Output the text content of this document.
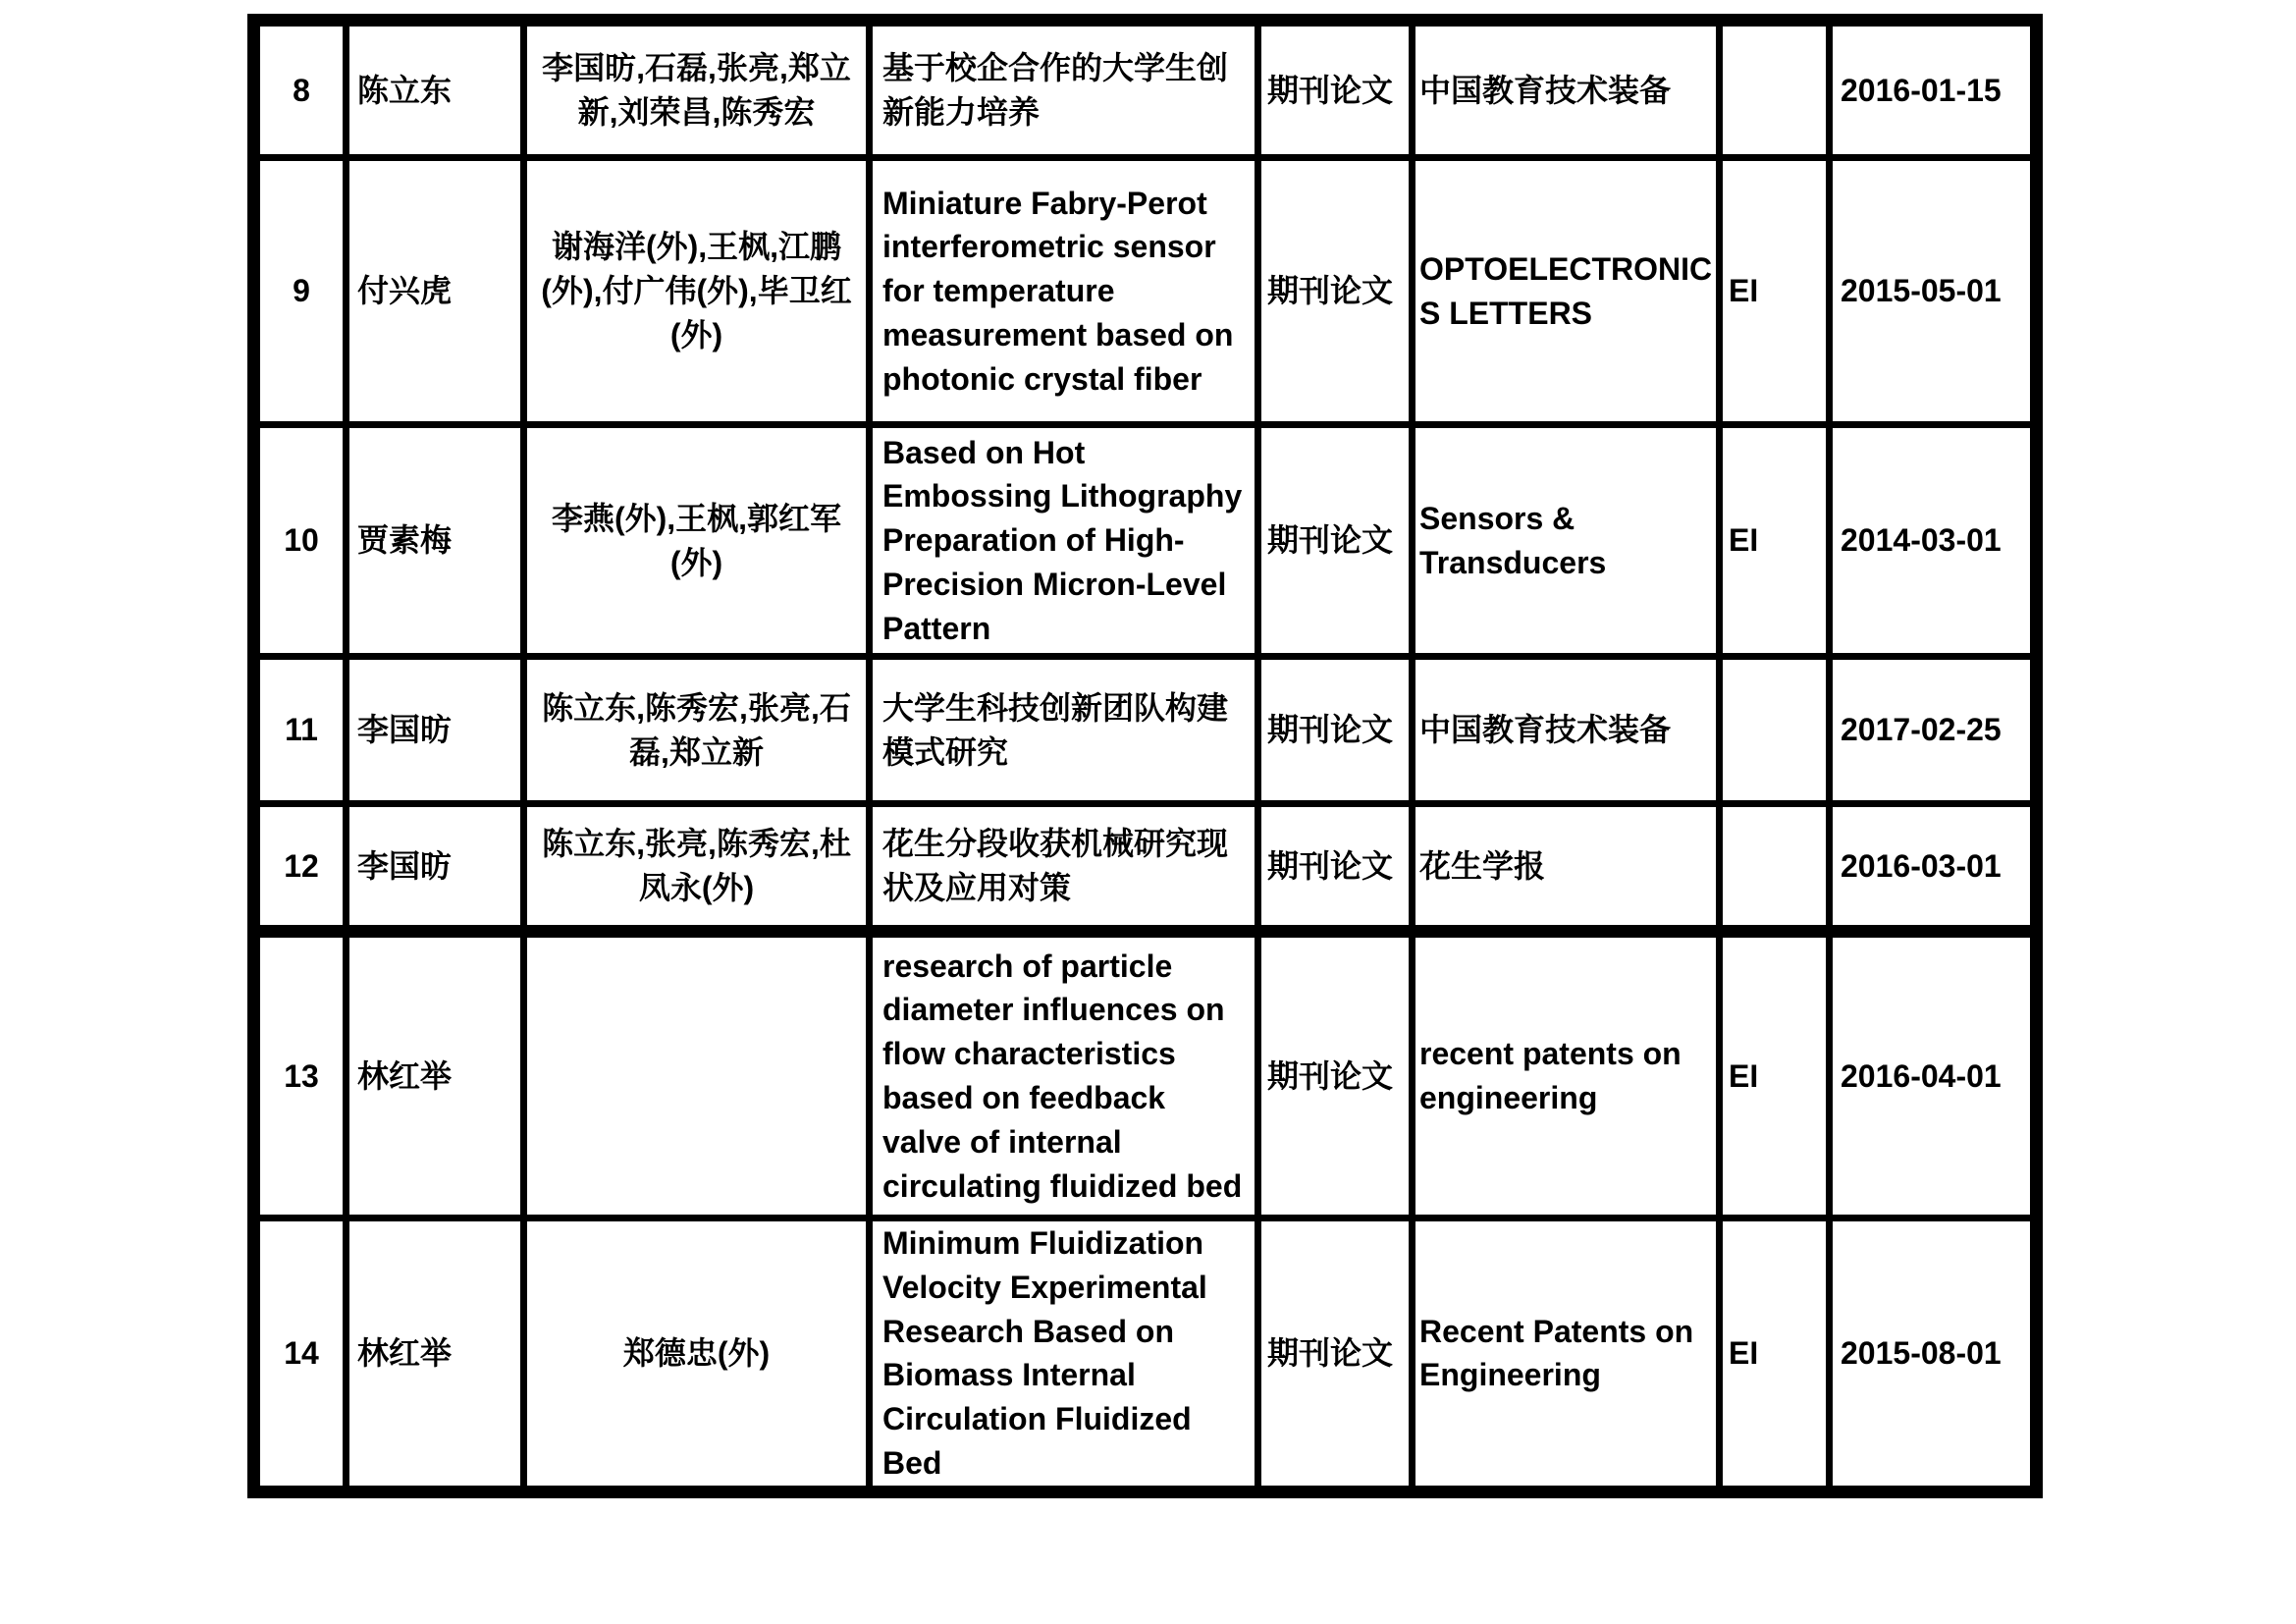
8	陈立东	李国昉,石磊,张亮,郑立新,刘荣昌,陈秀宏	基于校企合作的大学生创新能力培养	期刊论文	中国教育技术装备		2016-01-15
9	付兴虎	谢海洋(外),王枫,江鹏(外),付广伟(外),毕卫红(外)	Miniature Fabry-Perot interferometric sensor for temperature measurement based on photonic crystal fiber	期刊论文	OPTOELECTRONICS LETTERS	EI	2015-05-01
10	贾素梅	李燕(外),王枫,郭红军(外)	Based on Hot Embossing Lithography Preparation of High-Precision Micron-Level Pattern	期刊论文	Sensors & Transducers	EI	2014-03-01
11	李国昉	陈立东,陈秀宏,张亮,石磊,郑立新	大学生科技创新团队构建模式研究	期刊论文	中国教育技术装备		2017-02-25
12	李国昉	陈立东,张亮,陈秀宏,杜凤永(外)	花生分段收获机械研究现状及应用对策	期刊论文	花生学报		2016-03-01
13	林红举		research of particle diameter influences on flow characteristics based on feedback valve of internal circulating fluidized bed	期刊论文	recent patents on engineering	EI	2016-04-01
14	林红举	郑德忠(外)	Minimum Fluidization Velocity Experimental Research Based on Biomass Internal Circulation Fluidized Bed	期刊论文	Recent Patents on Engineering	EI	2015-08-01
